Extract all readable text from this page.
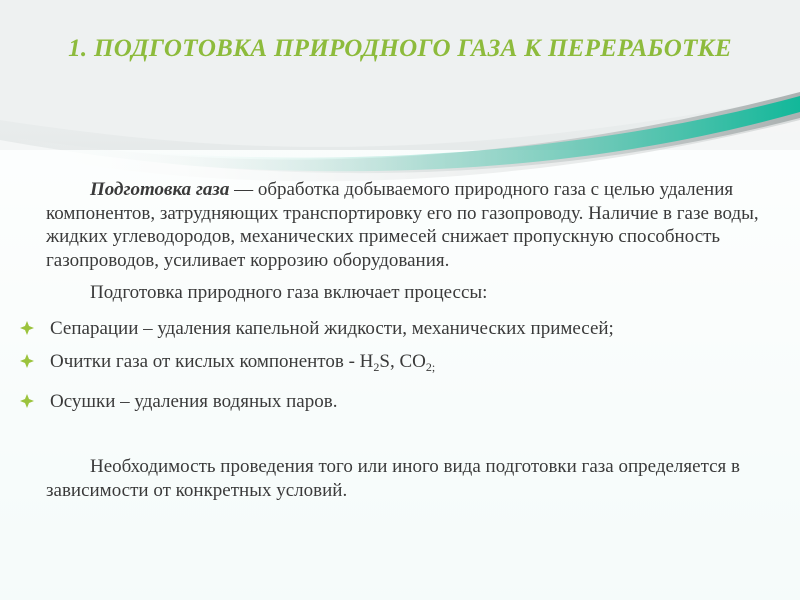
1. ПОДГОТОВКА ПРИРОДНОГО ГАЗА К ПЕРЕРАБОТКЕ

Подготовка газа — обработка добываемого природного газа с целью удаления компонентов, затрудняющих транспортировку его по газопроводу. Наличие в газе воды, жидких углеводородов, механических примесей снижает пропускную способность газопроводов, усиливает коррозию оборудования.

Подготовка природного газа включает процессы:

Сепарации – удаления капельной жидкости, механических примесей;
Очитки газа от кислых компонентов - $H_2S$, $CO_{2;}$
Осушки – удаления водяных паров.

Необходимость проведения того или иного вида подготовки газа определяется в зависимости от конкретных условий.
